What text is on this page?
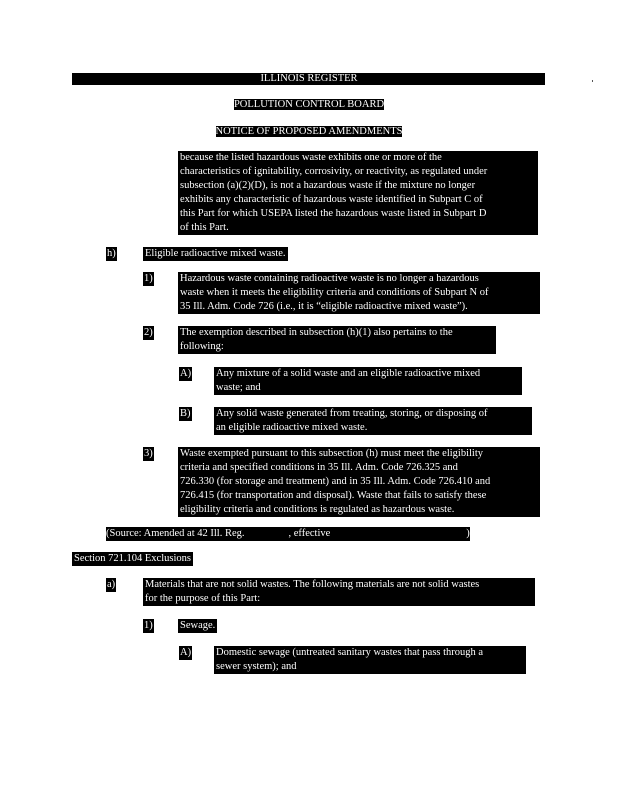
ILLINOIS REGISTER
POLLUTION CONTROL BOARD
NOTICE OF PROPOSED AMENDMENTS
because the listed hazardous waste exhibits one or more of the
characteristics of ignitability, corrosivity, or reactivity, as regulated under
subsection (a)(2)(D), is not a hazardous waste if the mixture no longer
exhibits any characteristic of hazardous waste identified in Subpart C of
this Part for which USEPA listed the hazardous waste listed in Subpart D
of this Part.
h)	Eligible radioactive mixed waste.
1)	Hazardous waste containing radioactive waste is no longer a hazardous
waste when it meets the eligibility criteria and conditions of Subpart N of
35 Ill. Adm. Code 726 (i.e., it is “eligible radioactive mixed waste”).
2)	The exemption described in subsection (h)(1) also pertains to the
following:
A) Any mixture of a solid waste and an eligible radioactive mixed
waste; and
B) Any solid waste generated from treating, storing, or disposing of
an eligible radioactive mixed waste.
3)	Waste exempted pursuant to this subsection (h) must meet the eligibility
criteria and specified conditions in 35 Ill. Adm. Code 726.325 and
726.330 (for storage and treatment) and in 35 Ill. Adm. Code 726.410 and
726.415 (for transportation and disposal). Waste that fails to satisfy these
eligibility criteria and conditions is regulated as hazardous waste.
(Source: Amended at 42 Ill. Reg.	, effective	)
Section 721.104 Exclusions
a)	Materials that are not solid wastes. The following materials are not solid wastes
for the purpose of this Part:
1)	Sewage.
A) Domestic sewage (untreated sanitary wastes that pass through a
sewer system); and
